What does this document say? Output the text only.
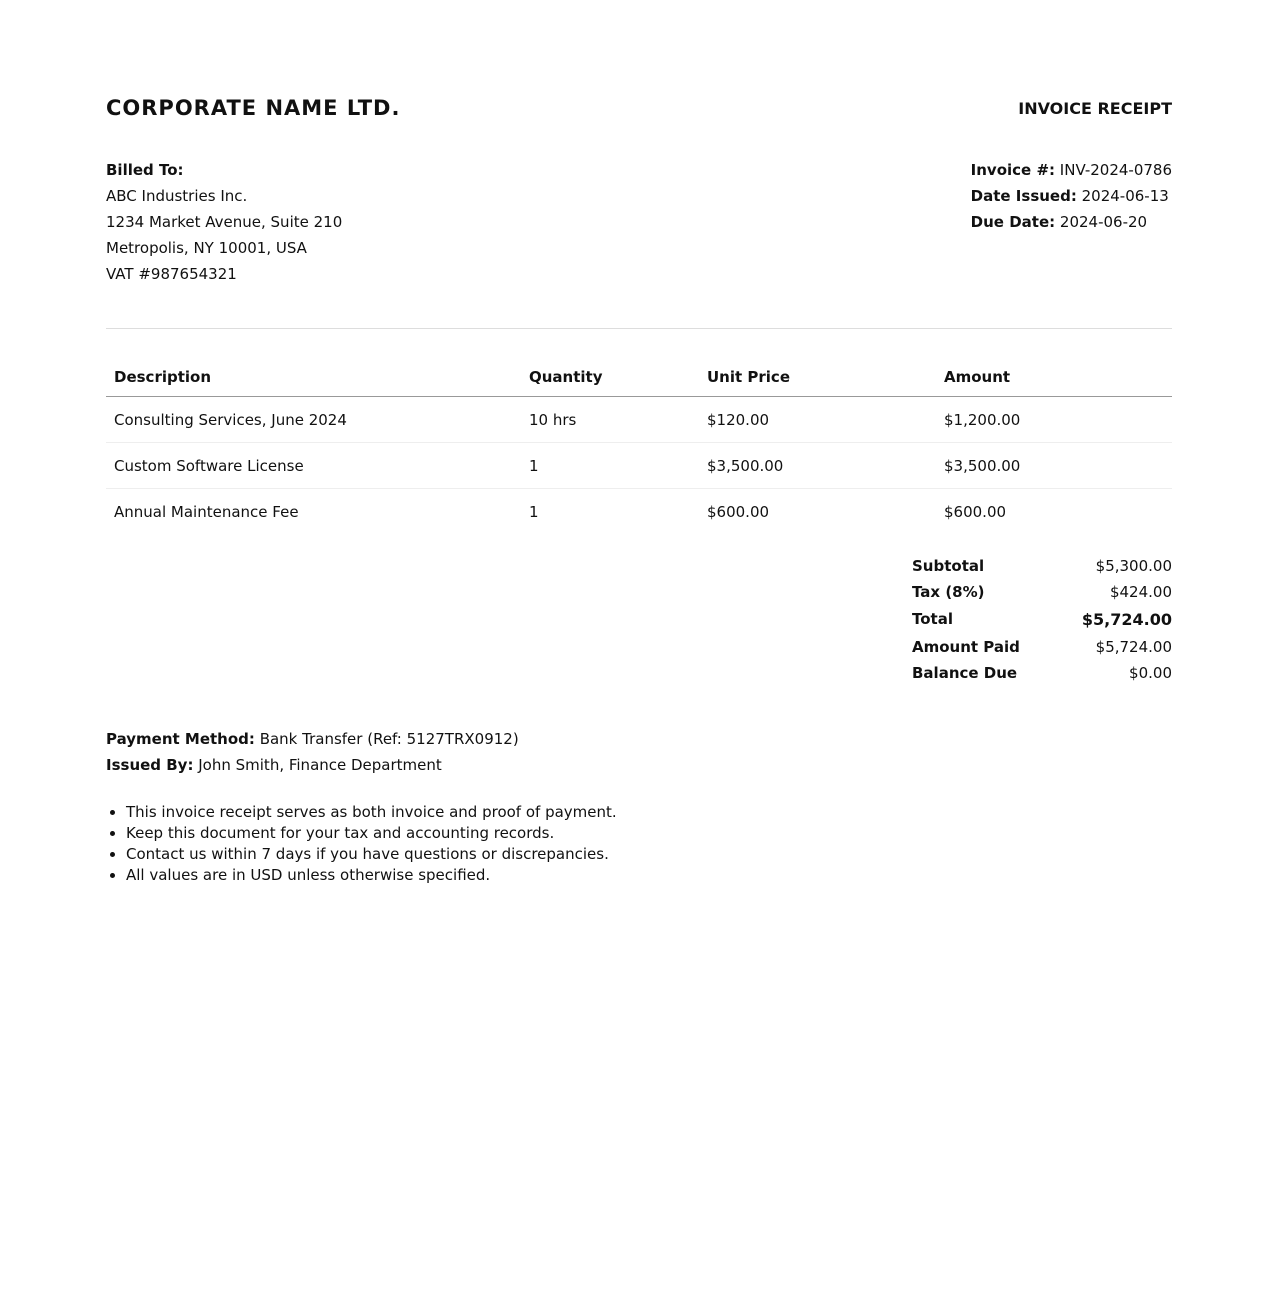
CORPORATE NAME LTD.	INVOICE RECEIPT
Billed To:
ABC Industries Inc.
1234 Market Avenue, Suite 210
Metropolis, NY 10001, USA
VAT #987654321
Invoice #: INV-2024-0786
Date Issued: 2024-06-13
Due Date: 2024-06-20
Description	Quantity	Unit Price	Amount
Consulting Services, June 2024	10 hrs	$120.00	$1,200.00
Custom Software License	1	$3,500.00	$3,500.00
Annual Maintenance Fee	1	$600.00	$600.00
Subtotal	$5,300.00
Tax (8%)	$424.00
Total	$5,724.00
Amount Paid	$5,724.00
Balance Due	$0.00
Payment Method: Bank Transfer (Ref: 5127TRX0912)
Issued By: John Smith, Finance Department
• This invoice receipt serves as both invoice and proof of payment.
• Keep this document for your tax and accounting records.
• Contact us within 7 days if you have questions or discrepancies.
• All values are in USD unless otherwise specified.
